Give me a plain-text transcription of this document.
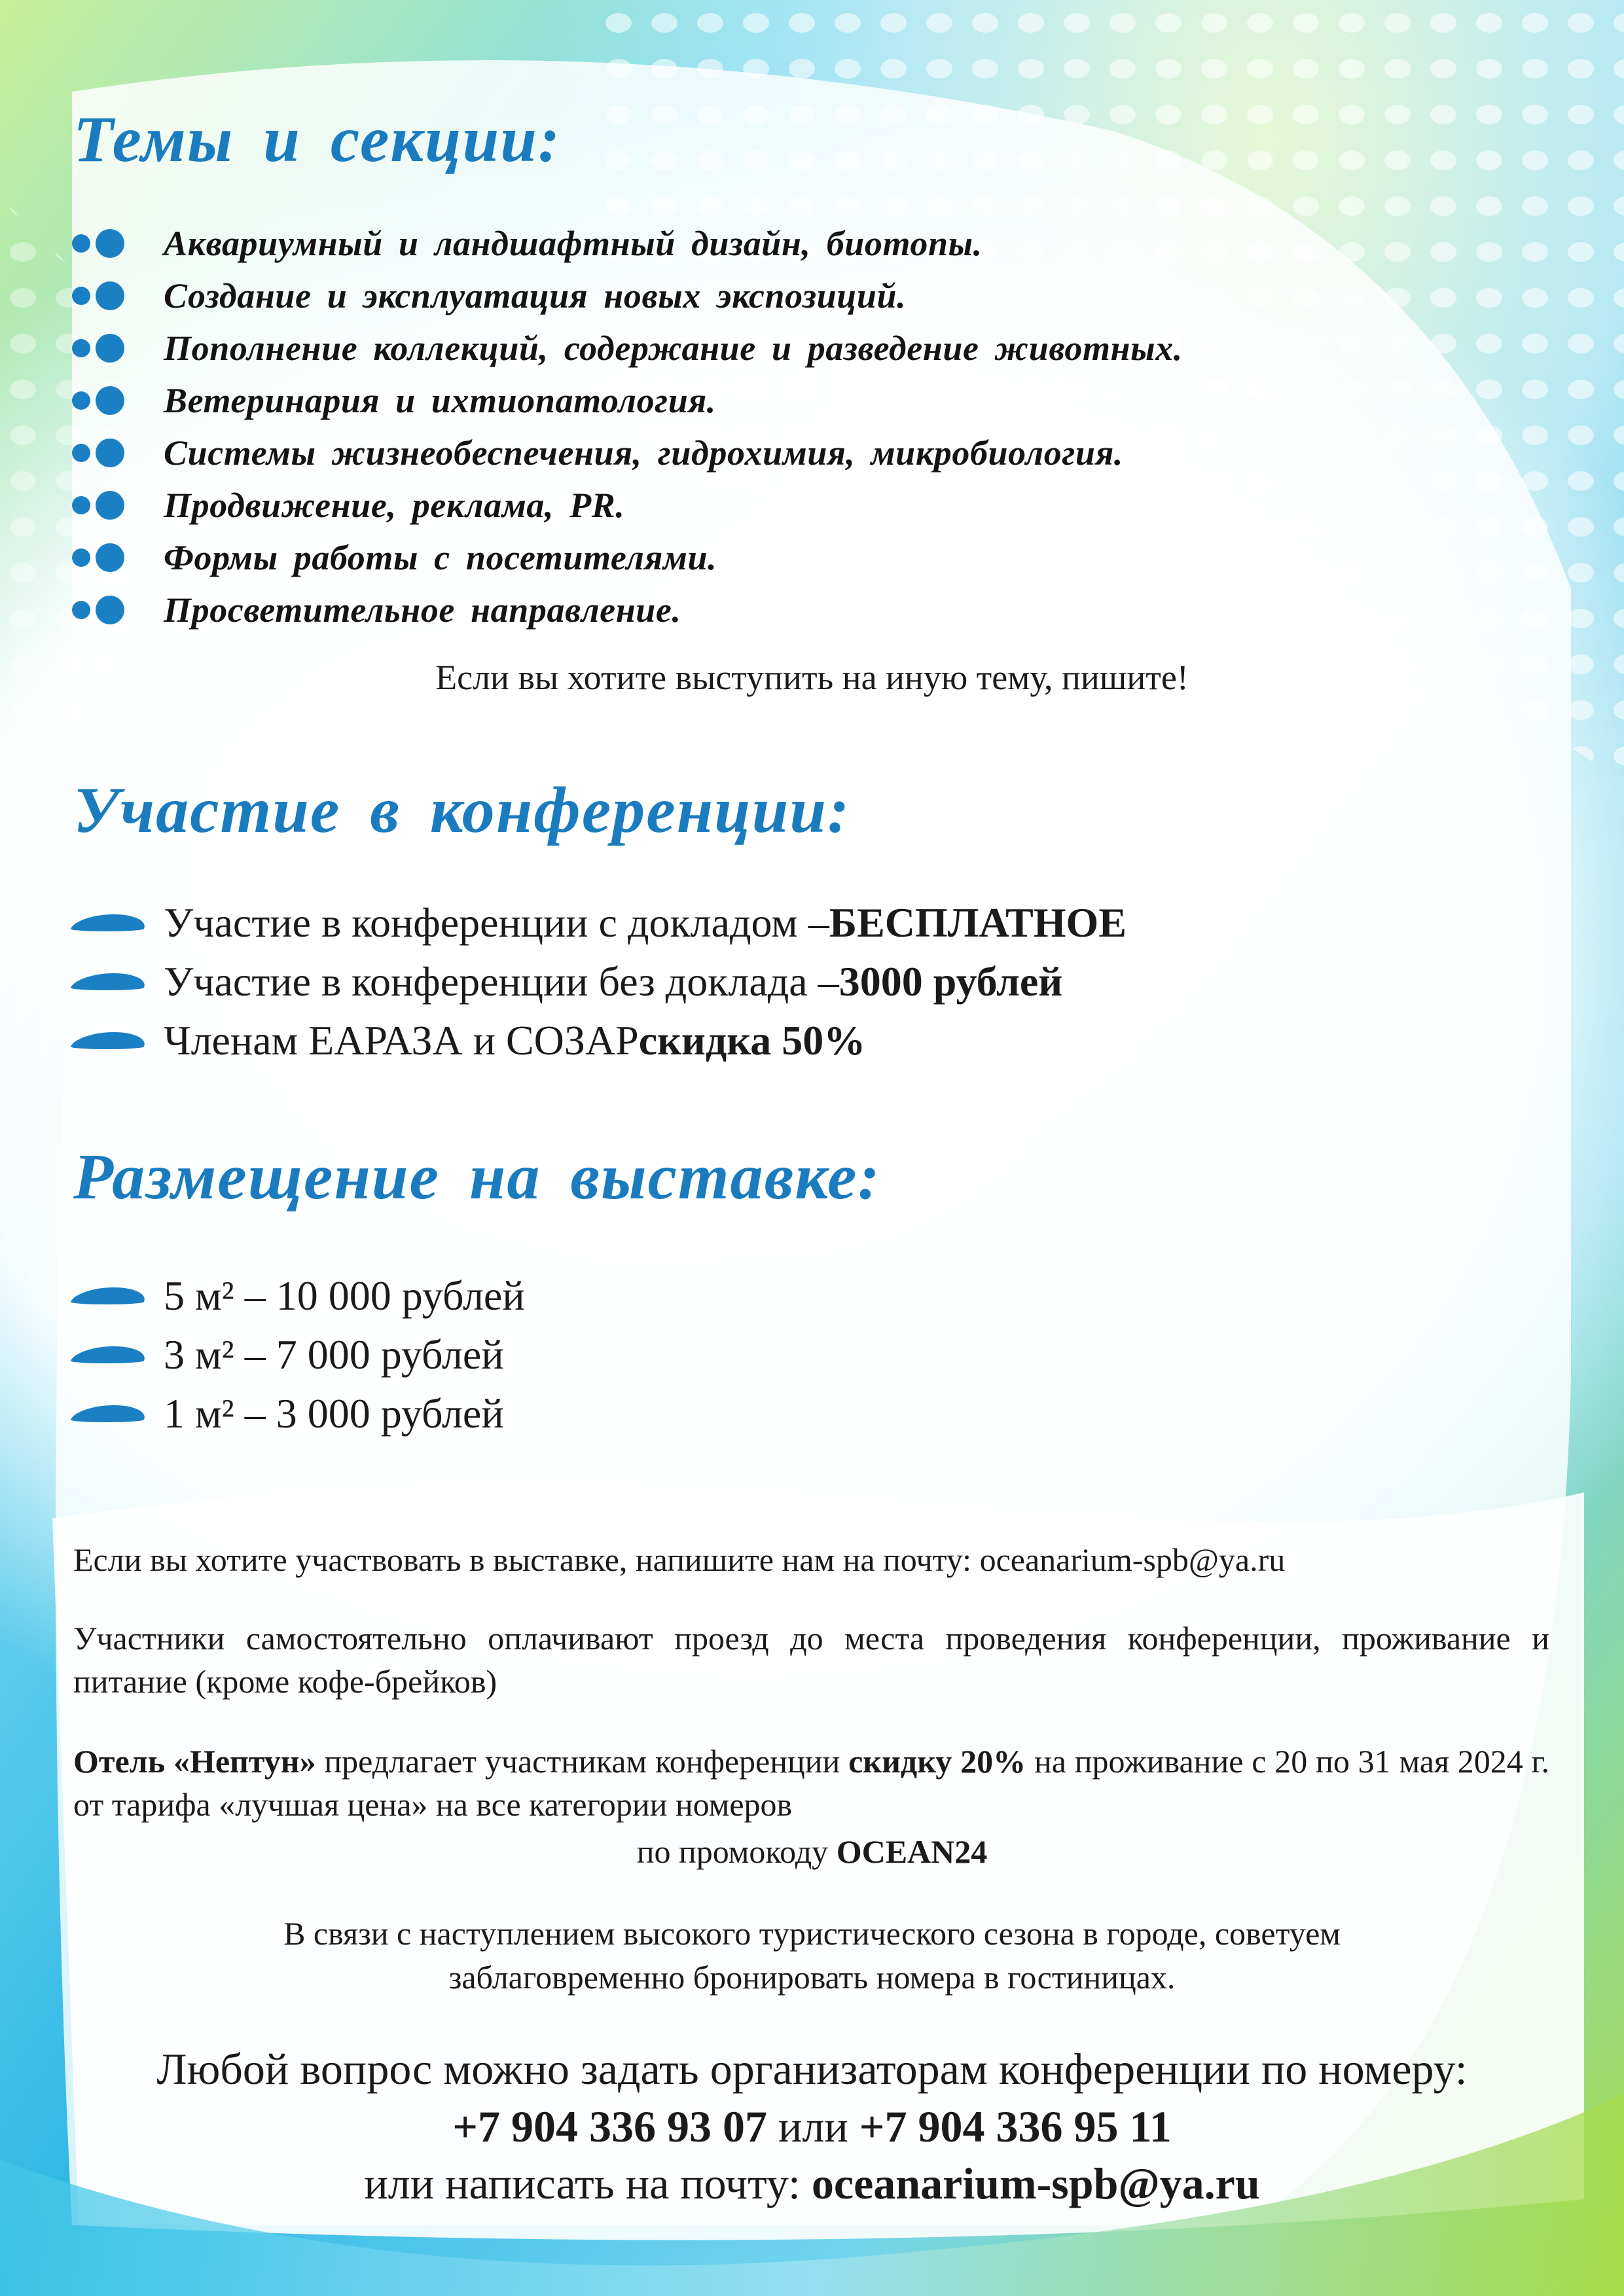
Темы и секции:
Аквариумный и ландшафтный дизайн, биотопы.
Создание и эксплуатация новых экспозиций.
Пополнение коллекций, содержание и разведение животных.
Ветеринария и ихтиопатология.
Системы жизнеобеспечения, гидрохимия, микробиология.
Продвижение, реклама, PR.
Формы работы с посетителями.
Просветительное направление.

Если вы хотите выступить на иную тему, пишите!

Участие в конференции:
Участие в конференции с докладом – БЕСПЛАТНОЕ
Участие в конференции без доклада – 3000 рублей
Членам ЕАРАЗА и СОЗАР скидка 50%
Размещение на выставке:
5 м² – 10 000 рублей
3 м² – 7 000 рублей
1 м² – 3 000 рублей

Если вы хотите участвовать в выставке, напишите нам на почту: oceanarium-spb@ya.ru

Участники самостоятельно оплачивают проезд до места проведения конференции, проживание и питание (кроме кофе-брейков)

Отель «Нептун» предлагает участникам конференции скидку 20% на проживание с 20 по 31 мая 2024 г. от тарифа «лучшая цена» на все категории номеров

по промокоду OCEAN24

В связи с наступлением высокого туристического сезона в городе, советуем

заблаговременно бронировать номера в гостиницах.

Любой вопрос можно задать организаторам конференции по номеру:

+7 904 336 93 07 или +7 904 336 95 11

или написать на почту: oceanarium-spb@ya.ru
